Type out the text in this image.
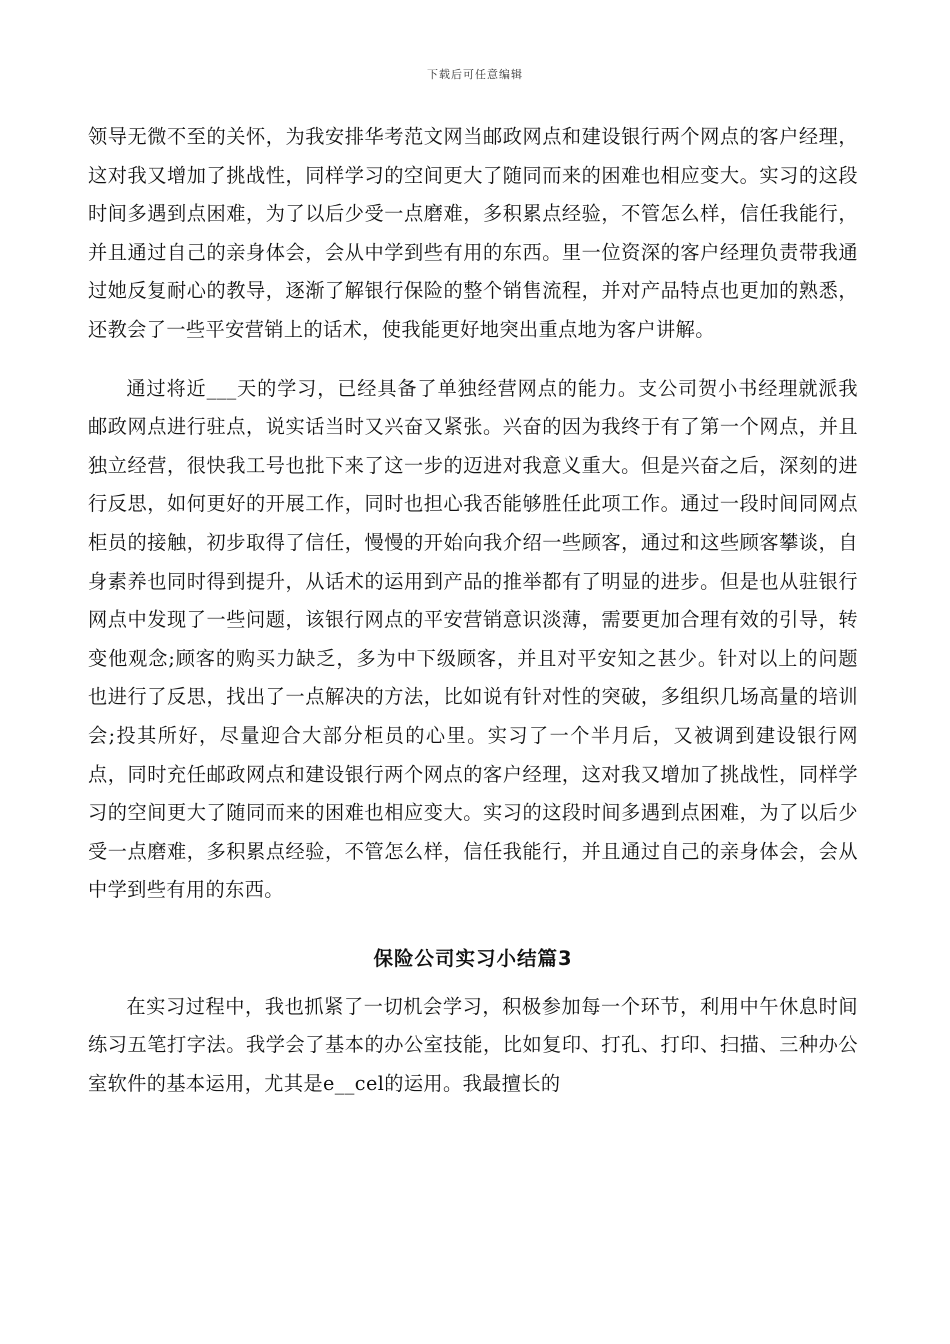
下载后可任意编辑

领导无微不至的关怀，为我安排华考范文网当邮政网点和建设银行两个网点的客户经理，这对我又增加了挑战性，同样学习的空间更大了随同而来的困难也相应变大。实习的这段时间多遇到点困难，为了以后少受一点磨难，多积累点经验，不管怎么样，信任我能行，并且通过自己的亲身体会，会从中学到些有用的东西。里一位资深的客户经理负责带我通过她反复耐心的教导，逐渐了解银行保险的整个销售流程，并对产品特点也更加的熟悉，还教会了一些平安营销上的话术，使我能更好地突出重点地为客户讲解。

通过将近___天的学习，已经具备了单独经营网点的能力。支公司贺小书经理就派我邮政网点进行驻点，说实话当时又兴奋又紧张。兴奋的因为我终于有了第一个网点，并且独立经营，很快我工号也批下来了这一步的迈进对我意义重大。但是兴奋之后，深刻的进行反思，如何更好的开展工作，同时也担心我否能够胜任此项工作。通过一段时间同网点柜员的接触，初步取得了信任，慢慢的开始向我介绍一些顾客，通过和这些顾客攀谈，自身素养也同时得到提升，从话术的运用到产品的推举都有了明显的进步。但是也从驻银行网点中发现了一些问题，该银行网点的平安营销意识淡薄，需要更加合理有效的引导，转变他观念;顾客的购买力缺乏，多为中下级顾客，并且对平安知之甚少。针对以上的问题也进行了反思，找出了一点解决的方法，比如说有针对性的突破，多组织几场高量的培训会;投其所好，尽量迎合大部分柜员的心里。实习了一个半月后，又被调到建设银行网点，同时充任邮政网点和建设银行两个网点的客户经理，这对我又增加了挑战性，同样学习的空间更大了随同而来的困难也相应变大。实习的这段时间多遇到点困难，为了以后少受一点磨难，多积累点经验，不管怎么样，信任我能行，并且通过自己的亲身体会，会从中学到些有用的东西。

保险公司实习小结篇3

在实习过程中，我也抓紧了一切机会学习，积极参加每一个环节，利用中午休息时间练习五笔打字法。我学会了基本的办公室技能，比如复印、打孔、打印、扫描、三种办公室软件的基本运用，尤其是e__cel的运用。我最擅长的
